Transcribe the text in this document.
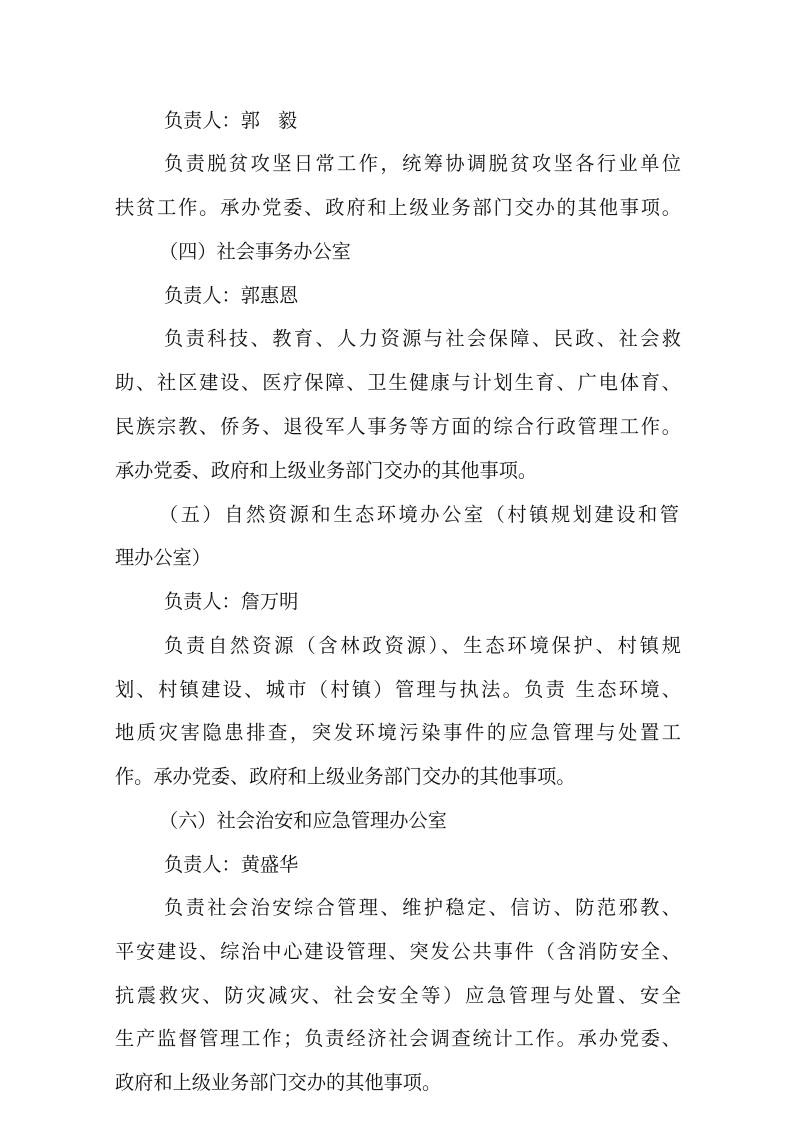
负责人：郭 毅
负责脱贫攻坚日常工作，统筹协调脱贫攻坚各行业单位
扶贫工作。承办党委、政府和上级业务部门交办的其他事项。
（四）社会事务办公室
负责人：郭惠恩
负责科技、教育、人力资源与社会保障、民政、社会救
助、社区建设、医疗保障、卫生健康与计划生育、广电体育、
民族宗教、侨务、退役军人事务等方面的综合行政管理工作。
承办党委、政府和上级业务部门交办的其他事项。
（五）自然资源和生态环境办公室（村镇规划建设和管
理办公室）
负责人：詹万明
负责自然资源（含林政资源）、生态环境保护、村镇规
划、村镇建设、城市（村镇）管理与执法。负责 生态环境、
地质灾害隐患排查，突发环境污染事件的应急管理与处置工
作。承办党委、政府和上级业务部门交办的其他事项。
（六）社会治安和应急管理办公室
负责人：黄盛华
负责社会治安综合管理、维护稳定、信访、防范邪教、
平安建设、综治中心建设管理、突发公共事件（含消防安全、
抗震救灾、防灾减灾、社会安全等）应急管理与处置、安全
生产监督管理工作；负责经济社会调查统计工作。承办党委、
政府和上级业务部门交办的其他事项。
